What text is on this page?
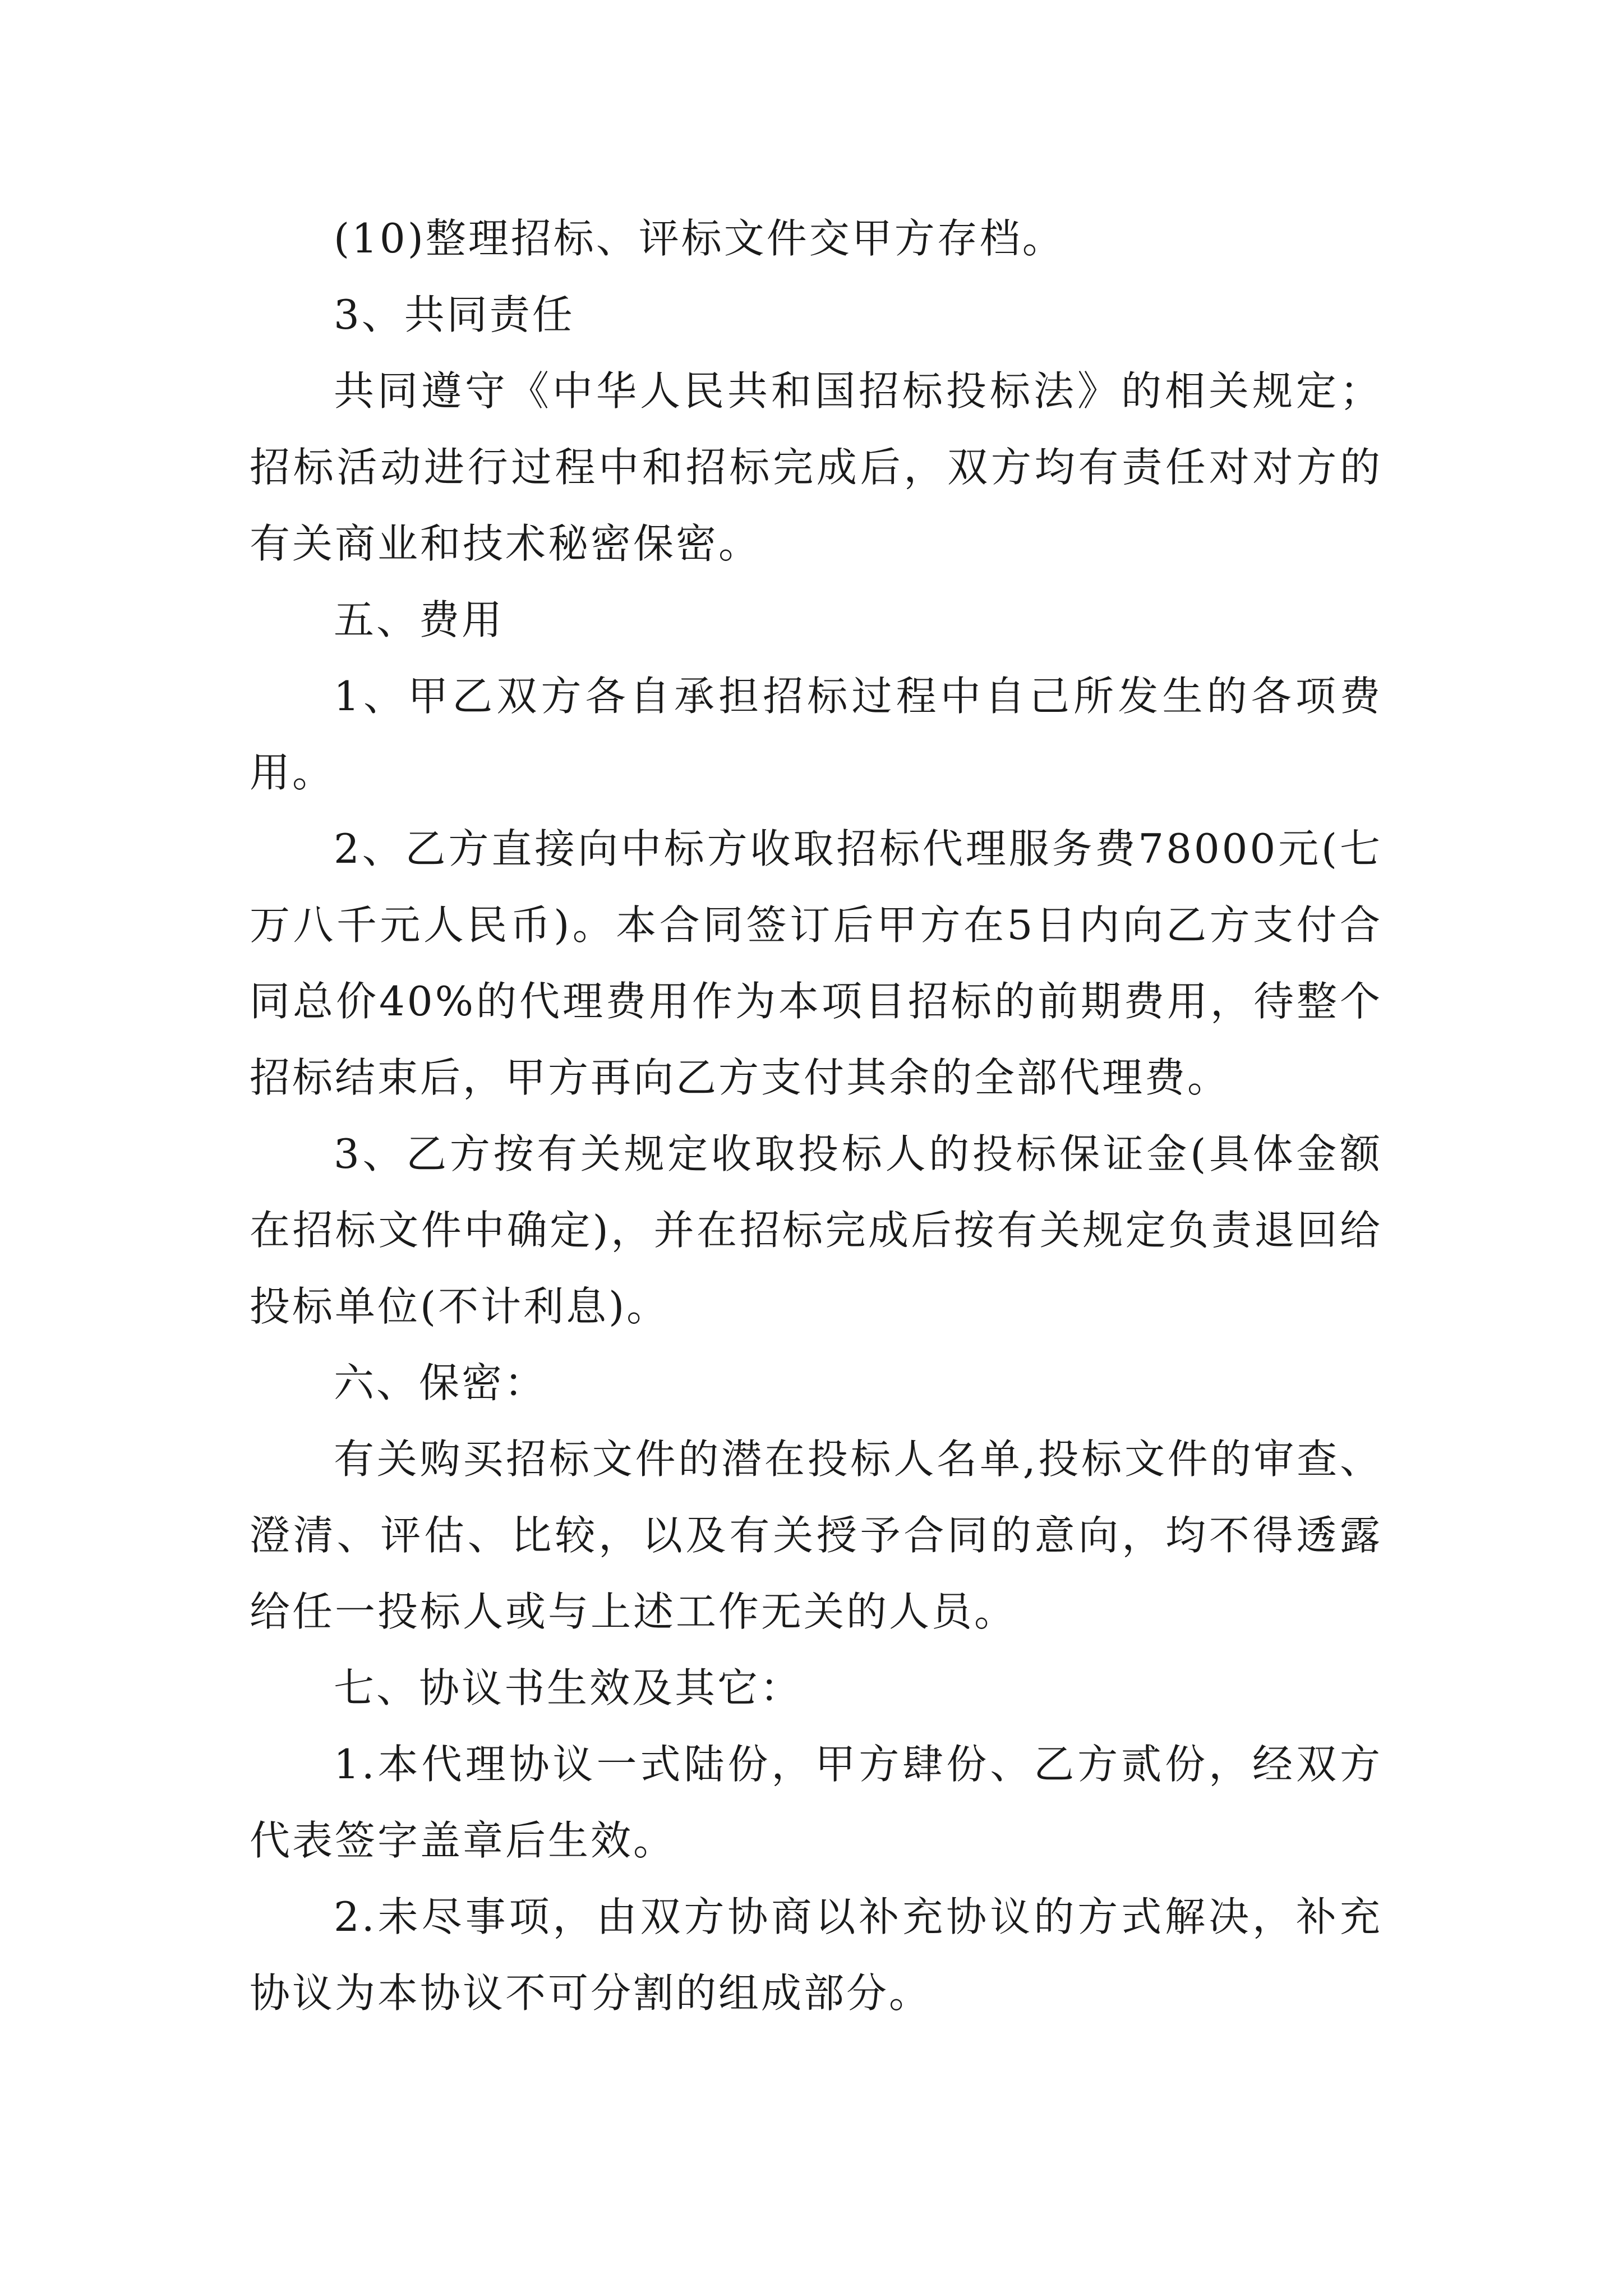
(10)整理招标、评标文件交甲方存档。

3、共同责任

共同遵守《中华人民共和国招标投标法》的相关规定；招标活动进行过程中和招标完成后，双方均有责任对对方的有关商业和技术秘密保密。

五、费用

1、甲乙双方各自承担招标过程中自己所发生的各项费用。

2、乙方直接向中标方收取招标代理服务费78000元(七万八千元人民币)。本合同签订后甲方在5日内向乙方支付合同总价40%的代理费用作为本项目招标的前期费用，待整个招标结束后，甲方再向乙方支付其余的全部代理费。

3、乙方按有关规定收取投标人的投标保证金(具体金额在招标文件中确定)，并在招标完成后按有关规定负责退回给投标单位(不计利息)。

六、保密：

有关购买招标文件的潜在投标人名单,投标文件的审查、澄清、评估、比较，以及有关授予合同的意向，均不得透露给任一投标人或与上述工作无关的人员。

七、协议书生效及其它：

1.本代理协议一式陆份，甲方肆份、乙方贰份，经双方代表签字盖章后生效。

2.未尽事项，由双方协商以补充协议的方式解决，补充协议为本协议不可分割的组成部分。
